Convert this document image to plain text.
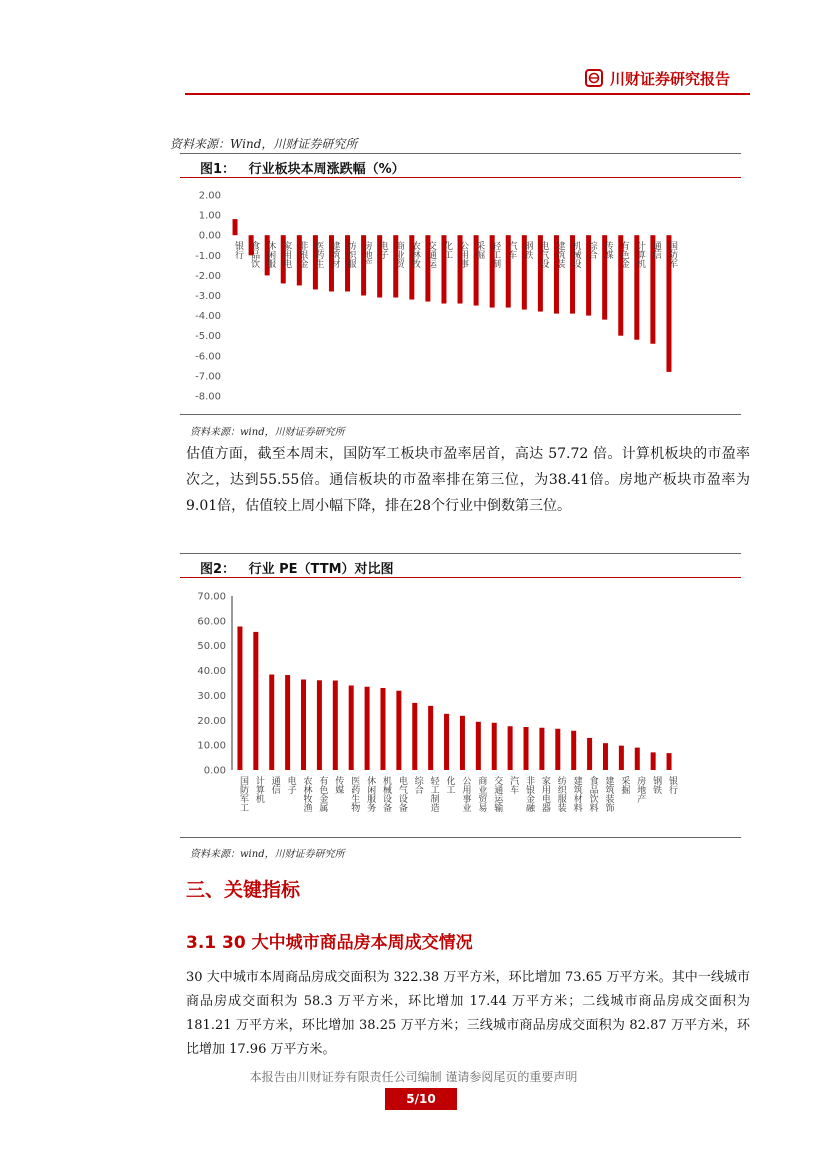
川财证券研究报告
资料来源：Wind，川财证券研究所
图1： 行业板块本周涨跌幅（%）
2.00
1.00
0.00
-1.00
-2.00
-3.00
-4.00
-5.00
-6.00
-7.00
-8.00
银行 食品饮 休闲服 家用电 非银金 医药生 建筑材 纺织服 房地产 电子 商业贸 农林牧 交通运 化工 公用事 采掘 轻工制 汽车 钢铁 电气设 建筑装 机械设 综合 传媒 有色金 计算机 通信 国防军
资料来源：wind，川财证券研究所
估值方面，截至本周末，国防军工板块市盈率居首，高达 57.72 倍。计算机板块的市盈率次之，达到55.55倍。通信板块的市盈率排在第三位，为38.41倍。房地产板块市盈率为9.01倍，估值较上周小幅下降，排在28个行业中倒数第三位。
图2： 行业 PE（TTM）对比图
70.00
60.00
50.00
40.00
30.00
20.00
10.00
0.00
国防军工 计算机 通信 电子 农林牧渔 有色金属 传媒 医药生物 休闲服务 机械设备 电气设备 综合 轻工制造 化工 公用事业 商业贸易 交通运输 汽车 非银金融 家用电器 纺织服装 建筑材料 食品饮料 建筑装饰 采掘 房地产 钢铁 银行
资料来源：wind，川财证券研究所
三、关键指标
3.1 30 大中城市商品房本周成交情况
30 大中城市本周商品房成交面积为 322.38 万平方米，环比增加 73.65 万平方米。其中一线城市商品房成交面积为 58.3 万平方米，环比增加 17.44 万平方米；二线城市商品房成交面积为 181.21 万平方米，环比增加 38.25 万平方米；三线城市商品房成交面积为 82.87 万平方米，环比增加 17.96 万平方米。
本报告由川财证券有限责任公司编制 谨请参阅尾页的重要声明
5/10
